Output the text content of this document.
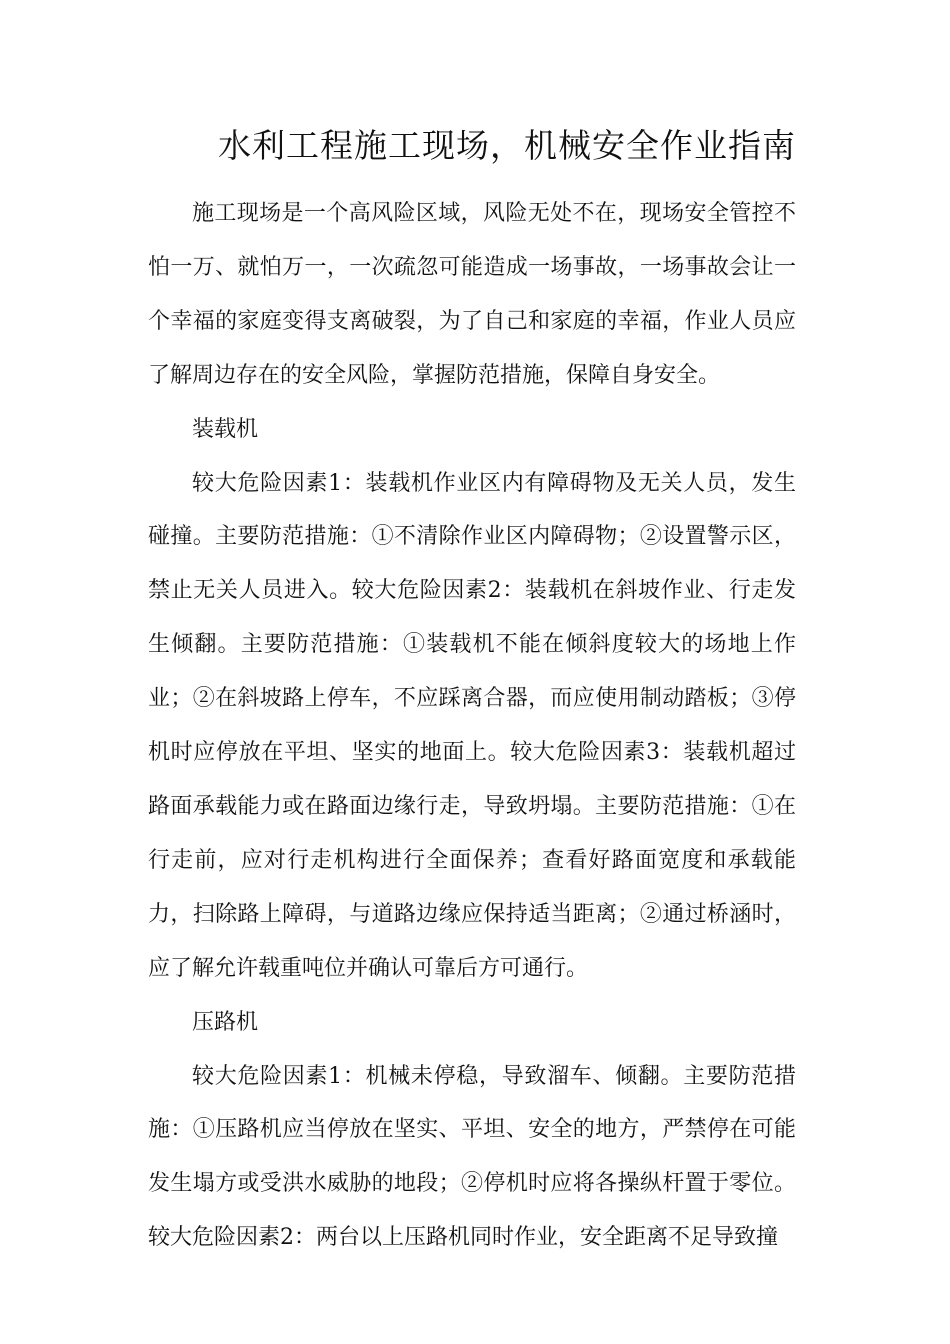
水利工程施工现场，机械安全作业指南

施工现场是一个高风险区域，风险无处不在，现场安全管控不怕一万、就怕万一，一次疏忽可能造成一场事故，一场事故会让一个幸福的家庭变得支离破裂，为了自己和家庭的幸福，作业人员应了解周边存在的安全风险，掌握防范措施，保障自身安全。

装载机

较大危险因素1：装载机作业区内有障碍物及无关人员，发生碰撞。主要防范措施：①不清除作业区内障碍物；②设置警示区，禁止无关人员进入。较大危险因素2：装载机在斜坡作业、行走发生倾翻。主要防范措施：①装载机不能在倾斜度较大的场地上作业；②在斜坡路上停车，不应踩离合器，而应使用制动踏板；③停机时应停放在平坦、坚实的地面上。较大危险因素3：装载机超过路面承载能力或在路面边缘行走，导致坍塌。主要防范措施：①在行走前，应对行走机构进行全面保养；查看好路面宽度和承载能力，扫除路上障碍，与道路边缘应保持适当距离；②通过桥涵时，应了解允许载重吨位并确认可靠后方可通行。

压路机

较大危险因素1：机械未停稳，导致溜车、倾翻。主要防范措施：①压路机应当停放在坚实、平坦、安全的地方，严禁停在可能发生塌方或受洪水威胁的地段；②停机时应将各操纵杆置于零位。较大危险因素2：两台以上压路机同时作业，安全距离不足导致撞
